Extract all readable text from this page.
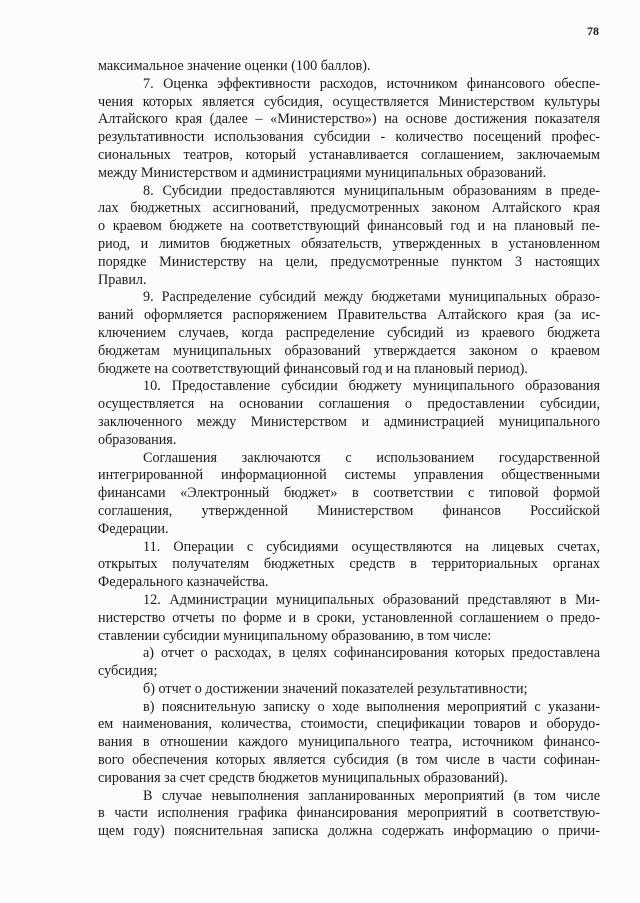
78
максимальное значение оценки (100 баллов).
7. Оценка эффективности расходов, источником финансового обеспе-
чения которых является субсидия, осуществляется Министерством культуры
Алтайского края (далее – «Министерство») на основе достижения показателя
результативности использования субсидии - количество посещений профес-
сиональных театров, который устанавливается соглашением, заключаемым
между Министерством и администрациями муниципальных образований.
8. Субсидии предоставляются муниципальным образованиям в преде-
лах бюджетных ассигнований, предусмотренных законом Алтайского края
о краевом бюджете на соответствующий финансовый год и на плановый пе-
риод, и лимитов бюджетных обязательств, утвержденных в установленном
порядке Министерству на цели, предусмотренные пунктом 3 настоящих
Правил.
9. Распределение субсидий между бюджетами муниципальных образо-
ваний оформляется распоряжением Правительства Алтайского края (за ис-
ключением случаев, когда распределение субсидий из краевого бюджета
бюджетам муниципальных образований утверждается законом о краевом
бюджете на соответствующий финансовый год и на плановый период).
10. Предоставление субсидии бюджету муниципального образования
осуществляется на основании соглашения о предоставлении субсидии,
заключенного между Министерством и администрацией муниципального
образования.
Соглашения заключаются с использованием государственной
интегрированной информационной системы управления общественными
финансами «Электронный бюджет» в соответствии с типовой формой
соглашения, утвержденной Министерством финансов Российской
Федерации.
11. Операции с субсидиями осуществляются на лицевых счетах,
открытых получателям бюджетных средств в территориальных органах
Федерального казначейства.
12. Администрации муниципальных образований представляют в Ми-
нистерство отчеты по форме и в сроки, установленной соглашением о предо-
ставлении субсидии муниципальному образованию, в том числе:
а) отчет о расходах, в целях софинансирования которых предоставлена
субсидия;
б) отчет о достижении значений показателей результативности;
в) пояснительную записку о ходе выполнения мероприятий с указани-
ем наименования, количества, стоимости, спецификации товаров и оборудо-
вания в отношении каждого муниципального театра, источником финансо-
вого обеспечения которых является субсидия (в том числе в части софинан-
сирования за счет средств бюджетов муниципальных образований).
В случае невыполнения запланированных мероприятий (в том числе
в части исполнения графика финансирования мероприятий в соответствую-
щем году) пояснительная записка должна содержать информацию о причи-
